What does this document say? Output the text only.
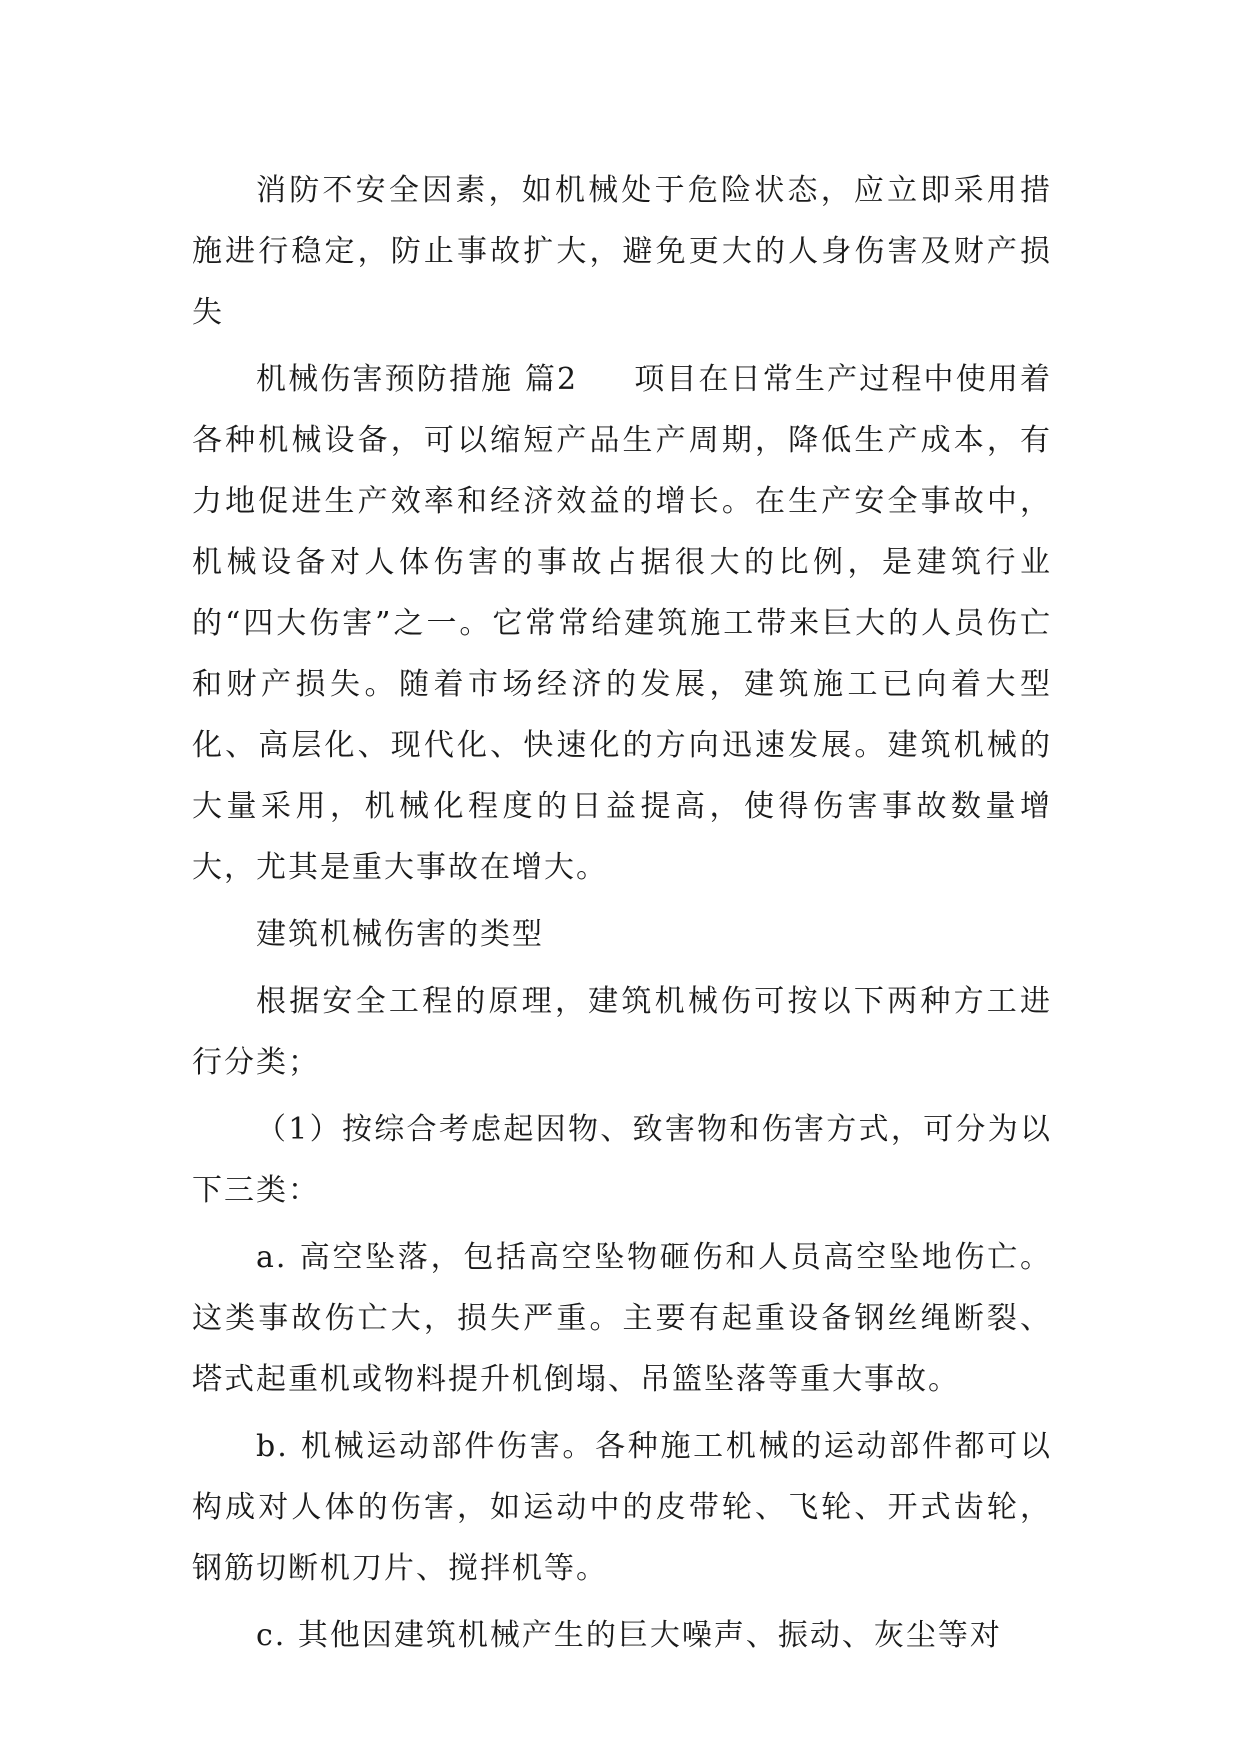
消防不安全因素，如机械处于危险状态，应立即采用措施进行稳定，防止事故扩大，避免更大的人身伤害及财产损失

机械伤害预防措施 篇2 项目在日常生产过程中使用着各种机械设备，可以缩短产品生产周期，降低生产成本，有力地促进生产效率和经济效益的增长。在生产安全事故中，机械设备对人体伤害的事故占据很大的比例，是建筑行业的“四大伤害”之一。它常常给建筑施工带来巨大的人员伤亡和财产损失。随着市场经济的发展，建筑施工已向着大型化、高层化、现代化、快速化的方向迅速发展。建筑机械的大量采用，机械化程度的日益提高，使得伤害事故数量增大，尤其是重大事故在增大。

建筑机械伤害的类型

根据安全工程的原理，建筑机械伤可按以下两种方工进行分类；

（1）按综合考虑起因物、致害物和伤害方式，可分为以下三类：

a. 高空坠落，包括高空坠物砸伤和人员高空坠地伤亡。这类事故伤亡大，损失严重。主要有起重设备钢丝绳断裂、塔式起重机或物料提升机倒塌、吊篮坠落等重大事故。

b. 机械运动部件伤害。各种施工机械的运动部件都可以构成对人体的伤害，如运动中的皮带轮、飞轮、开式齿轮，钢筋切断机刀片、搅拌机等。

c. 其他因建筑机械产生的巨大噪声、振动、灰尘等对
